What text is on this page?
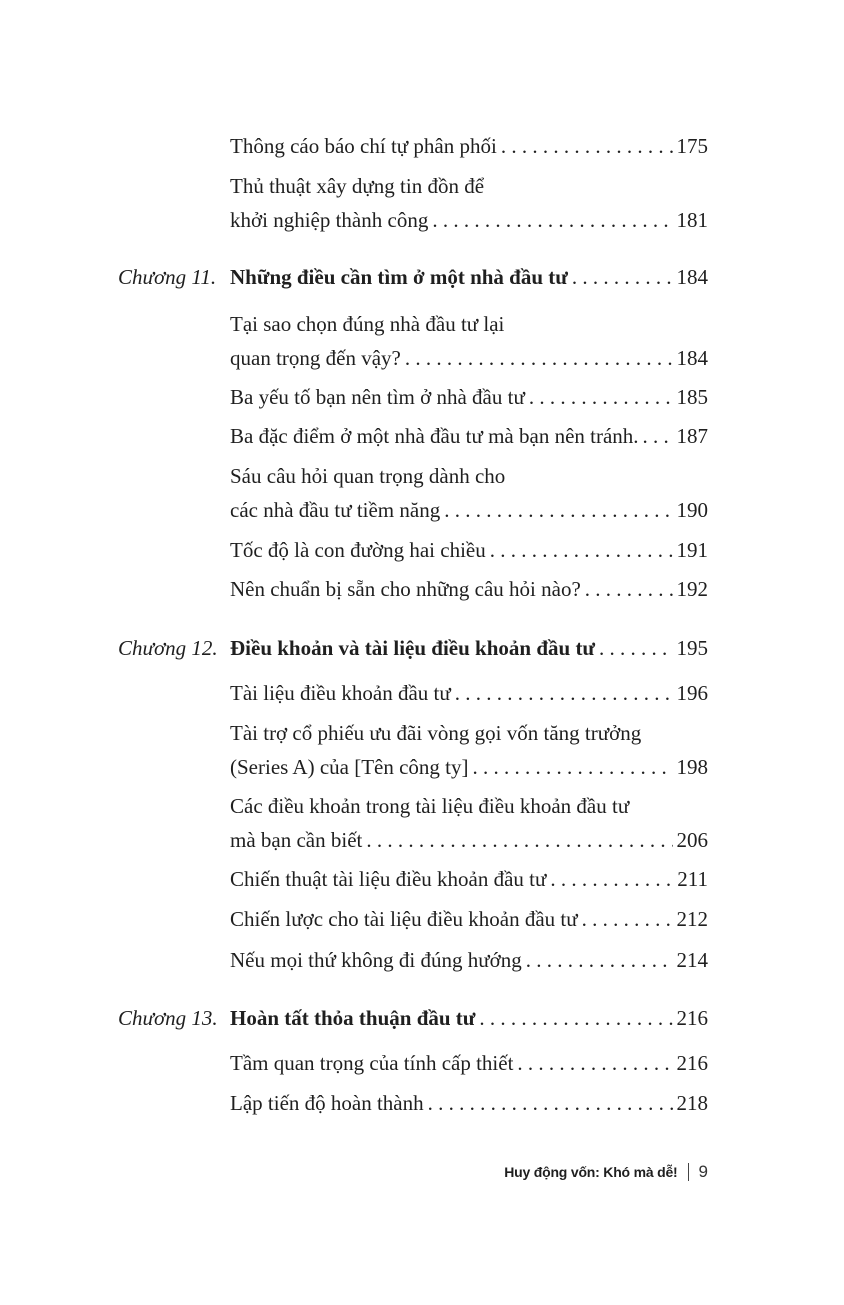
Thông cáo báo chí tự phân phối . . .	175
Thủ thuật xây dựng tin đồn để
khởi nghiệp thành công . . .	181
Chương 11. Những điều cần tìm ở một nhà đầu tư . . .	184
Tại sao chọn đúng nhà đầu tư lại
quan trọng đến vậy? . . .	184
Ba yếu tố bạn nên tìm ở nhà đầu tư . . .	185
Ba đặc điểm ở một nhà đầu tư mà bạn nên tránh. . . . 187
Sáu câu hỏi quan trọng dành cho
các nhà đầu tư tiềm năng . . .	190
Tốc độ là con đường hai chiều . . .	191
Nên chuẩn bị sẵn cho những câu hỏi nào? . . .	192
Chương 12. Điều khoản và tài liệu điều khoản đầu tư . . .	195
Tài liệu điều khoản đầu tư . . .	196
Tài trợ cổ phiếu ưu đãi vòng gọi vốn tăng trưởng
(Series A) của [Tên công ty] . . .	198
Các điều khoản trong tài liệu điều khoản đầu tư
mà bạn cần biết . . .	206
Chiến thuật tài liệu điều khoản đầu tư . . .	211
Chiến lược cho tài liệu điều khoản đầu tư . . .	212
Nếu mọi thứ không đi đúng hướng . . .	214
Chương 13. Hoàn tất thỏa thuận đầu tư . . .	216
Tầm quan trọng của tính cấp thiết . . .	216
Lập tiến độ hoàn thành . . .	218
Huy động vốn: Khó mà dễ! 9
